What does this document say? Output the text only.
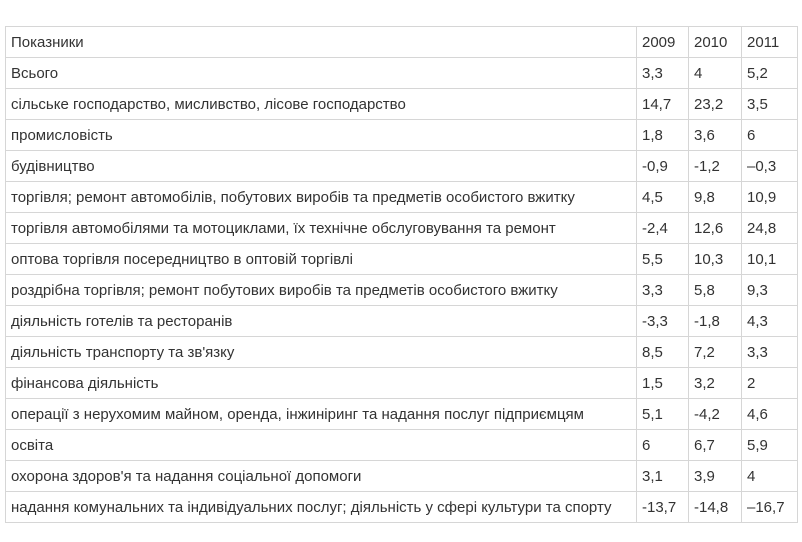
Показники	2009	2010	2011
Всього	3,3	4	5,2
сільське господарство, мисливство, лісове господарство	14,7	23,2	3,5
промисловість	1,8	3,6	6
будівництво	-0,9	-1,2	–0,3
торгівля; ремонт автомобілів, побутових виробів та предметів особистого вжитку	4,5	9,8	10,9
торгівля автомобілями та мотоциклами, їх технічне обслуговування та ремонт	-2,4	12,6	24,8
оптова торгівля посередництво в оптовій торгівлі	5,5	10,3	10,1
роздрібна торгівля; ремонт побутових виробів та предметів особистого вжитку	3,3	5,8	9,3
діяльність готелів та ресторанів	-3,3	-1,8	4,3
діяльність транспорту та зв'язку	8,5	7,2	3,3
фінансова діяльність	1,5	3,2	2
операції з нерухомим майном, оренда, інжиніринг та надання послуг підприємцям	5,1	-4,2	4,6
освіта	6	6,7	5,9
охорона здоров'я та надання соціальної допомоги	3,1	3,9	4
надання комунальних та індивідуальних послуг; діяльність у сфері культури та спорту	-13,7	-14,8	–16,7
